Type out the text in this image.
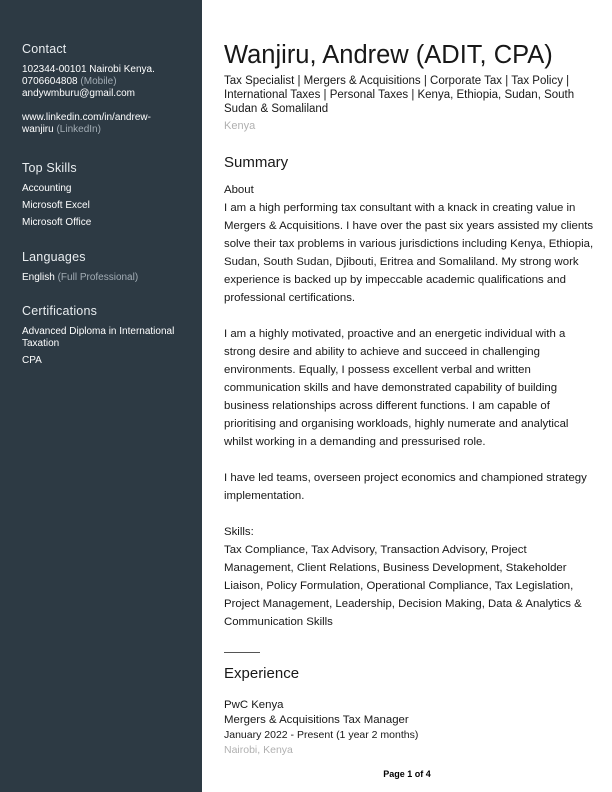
Contact
102344-00101 Nairobi Kenya.
0706604808 (Mobile)
andywmburu@gmail.com
www.linkedin.com/in/andrew-
wanjiru (LinkedIn)
Top Skills
Accounting
Microsoft Excel
Microsoft Office
Languages
English (Full Professional)
Certifications
Advanced Diploma in International Taxation
CPA
Wanjiru, Andrew (ADIT, CPA)
Tax Specialist | Mergers & Acquisitions | Corporate Tax | Tax Policy | International Taxes | Personal Taxes | Kenya, Ethiopia, Sudan, South Sudan & Somaliland
Kenya
Summary

About

I am a high performing tax consultant with a knack in creating value in Mergers & Acquisitions. I have over the past six years assisted my clients solve their tax problems in various jurisdictions including Kenya, Ethiopia, Sudan, South Sudan, Djibouti, Eritrea and Somaliland. My strong work experience is backed up by impeccable academic qualifications and professional certifications.

I am a highly motivated, proactive and an energetic individual with a strong desire and ability to achieve and succeed in challenging environments. Equally, I possess excellent verbal and written communication skills and have demonstrated capability of building business relationships across different functions. I am capable of prioritising and organising workloads, highly numerate and analytical whilst working in a demanding and pressurised role.

I have led teams, overseen project economics and championed strategy implementation.

Skills:

Tax Compliance, Tax Advisory, Transaction Advisory, Project Management, Client Relations, Business Development, Stakeholder Liaison, Policy Formulation, Operational Compliance, Tax Legislation, Project Management, Leadership, Decision Making, Data & Analytics & Communication Skills

Experience
PwC Kenya
Mergers & Acquisitions Tax Manager
January 2022 - Present (1 year 2 months)
Nairobi, Kenya
Page 1 of 4
